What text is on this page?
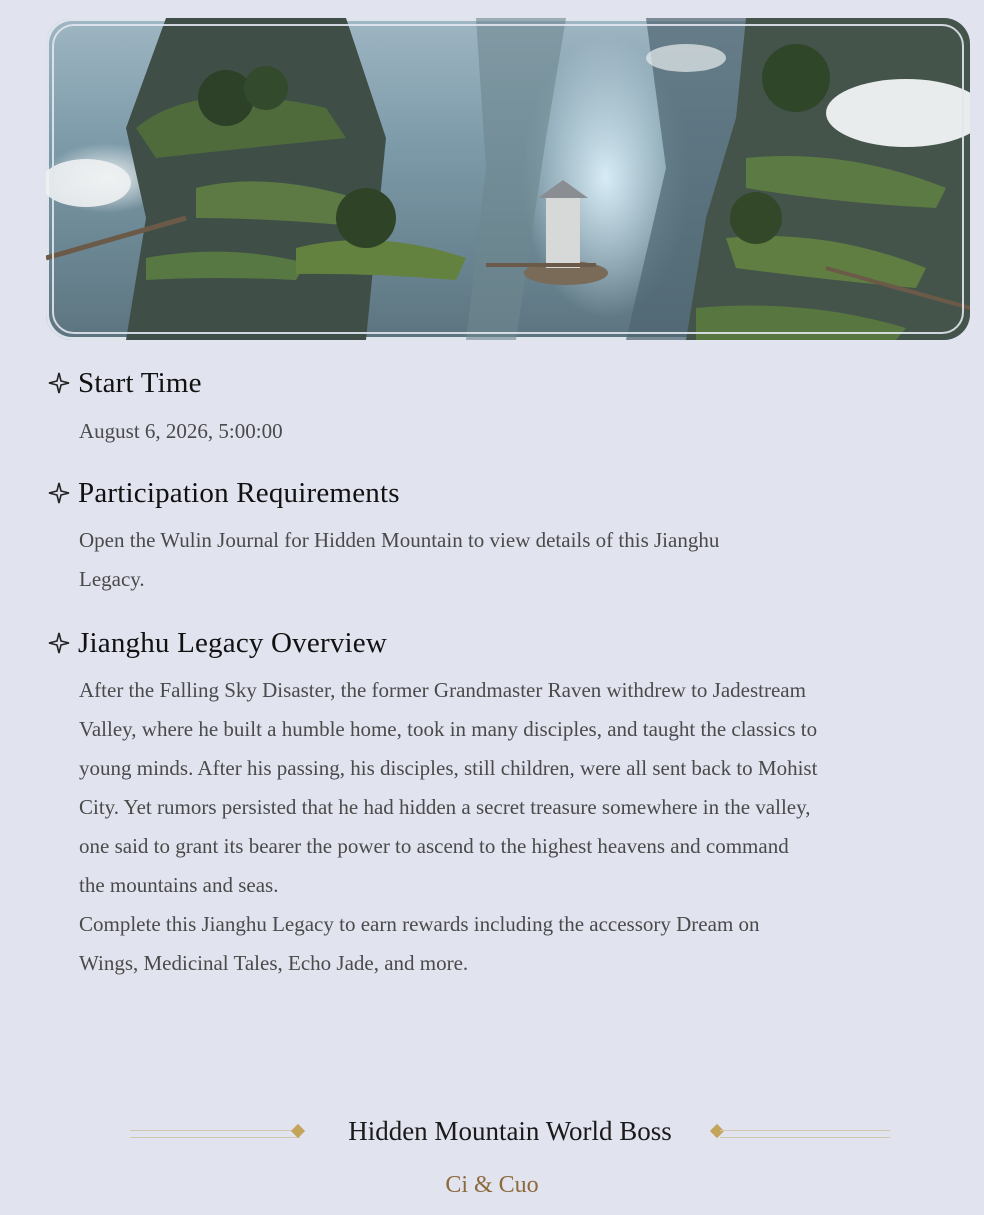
Start Time
August 6, 2026, 5:00:00
Participation Requirements
Open the Wulin Journal for Hidden Mountain to view details of this Jianghu Legacy.
Jianghu Legacy Overview
After the Falling Sky Disaster, the former Grandmaster Raven withdrew to Jadestream Valley, where he built a humble home, took in many disciples, and taught the classics to young minds. After his passing, his disciples, still children, were all sent back to Mohist City. Yet rumors persisted that he had hidden a secret treasure somewhere in the valley, one said to grant its bearer the power to ascend to the highest heavens and command the mountains and seas.
Complete this Jianghu Legacy to earn rewards including the accessory Dream on Wings, Medicinal Tales, Echo Jade, and more.
Hidden Mountain World Boss
Ci & Cuo
